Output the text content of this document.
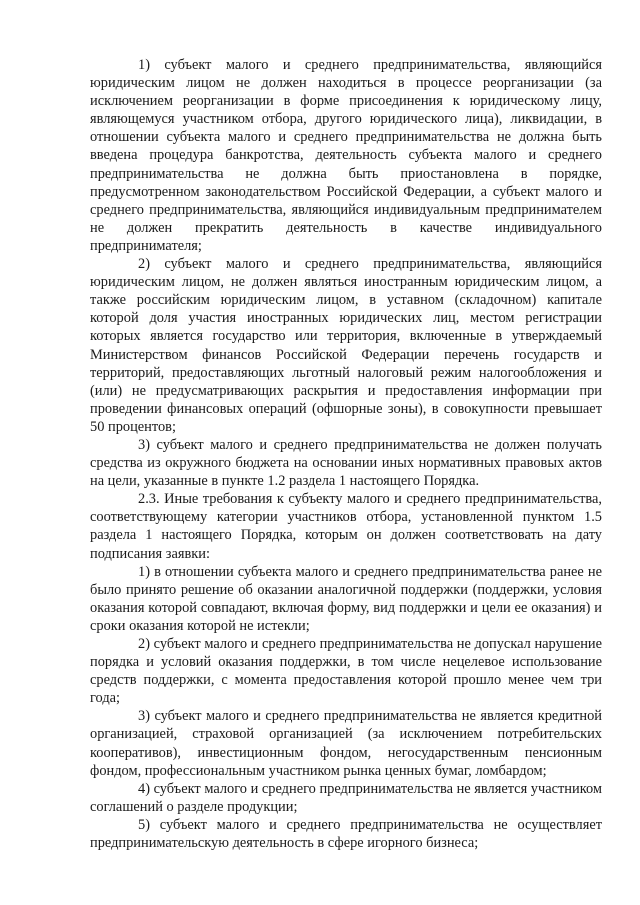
1) субъект малого и среднего предпринимательства, являющийся юридическим лицом не должен находиться в процессе реорганизации (за исключением реорганизации в форме присоединения к юридическому лицу, являющемуся участником отбора, другого юридического лица), ликвидации, в отношении субъекта малого и среднего предпринимательства не должна быть введена процедура банкротства, деятельность субъекта малого и среднего предпринимательства не должна быть приостановлена в порядке, предусмотренном законодательством Российской Федерации, а субъект малого и среднего предпринимательства, являющийся индивидуальным предпринимателем не должен прекратить деятельность в качестве индивидуального предпринимателя;

2) субъект малого и среднего предпринимательства, являющийся юридическим лицом, не должен являться иностранным юридическим лицом, а также российским юридическим лицом, в уставном (складочном) капитале которой доля участия иностранных юридических лиц, местом регистрации которых является государство или территория, включенные в утверждаемый Министерством финансов Российской Федерации перечень государств и территорий, предоставляющих льготный налоговый режим налогообложения и (или) не предусматривающих раскрытия и предоставления информации при проведении финансовых операций (офшорные зоны), в совокупности превышает 50 процентов;

3) субъект малого и среднего предпринимательства не должен получать средства из окружного бюджета на основании иных нормативных правовых актов на цели, указанные в пункте 1.2 раздела 1 настоящего Порядка.

2.3. Иные требования к субъекту малого и среднего предпринимательства, соответствующему категории участников отбора, установленной пунктом 1.5 раздела 1 настоящего Порядка, которым он должен соответствовать на дату подписания заявки:

1) в отношении субъекта малого и среднего предпринимательства ранее не было принято решение об оказании аналогичной поддержки (поддержки, условия оказания которой совпадают, включая форму, вид поддержки и цели ее оказания) и сроки оказания которой не истекли;

2) субъект малого и среднего предпринимательства не допускал нарушение порядка и условий оказания поддержки, в том числе нецелевое использование средств поддержки, с момента предоставления которой прошло менее чем три года;

3) субъект малого и среднего предпринимательства не является кредитной организацией, страховой организацией (за исключением потребительских кооперативов), инвестиционным фондом, негосударственным пенсионным фондом, профессиональным участником рынка ценных бумаг, ломбардом;

4) субъект малого и среднего предпринимательства не является участником соглашений о разделе продукции;

5) субъект малого и среднего предпринимательства не осуществляет предпринимательскую деятельность в сфере игорного бизнеса;
